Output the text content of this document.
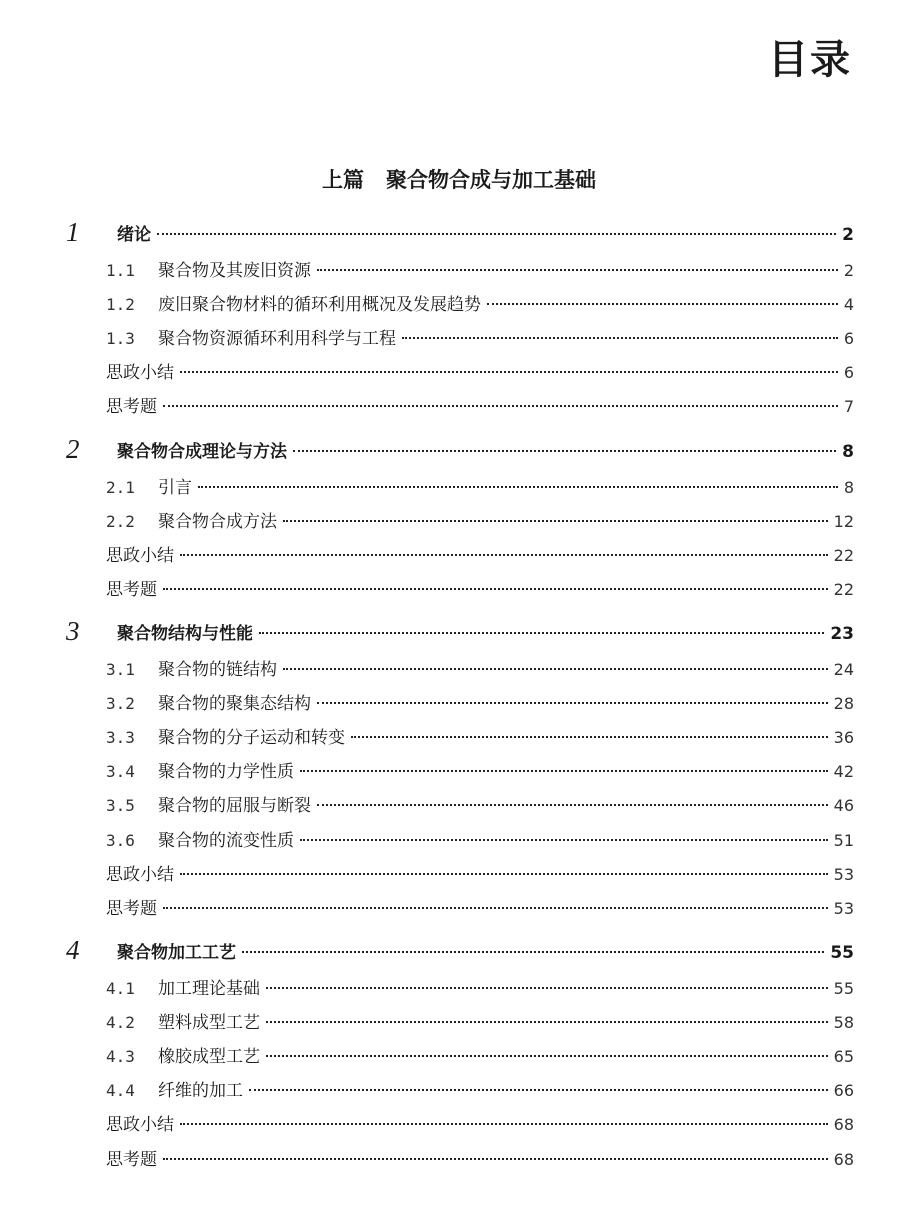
目录
上篇 聚合物合成与加工基础
1 绪论	2
1.1	聚合物及其废旧资源	2
1.2	废旧聚合物材料的循环利用概况及发展趋势	4
1.3	聚合物资源循环利用科学与工程	6
思政小结	6
思考题	7
2 聚合物合成理论与方法	8
2.1	引言	8
2.2	聚合物合成方法	12
思政小结	22
思考题	22
3 聚合物结构与性能	23
3.1	聚合物的链结构	24
3.2	聚合物的聚集态结构	28
3.3	聚合物的分子运动和转变	36
3.4	聚合物的力学性质	42
3.5	聚合物的屈服与断裂	46
3.6	聚合物的流变性质	51
思政小结	53
思考题	53
4 聚合物加工工艺	55
4.1	加工理论基础	55
4.2	塑料成型工艺	58
4.3	橡胶成型工艺	65
4.4	纤维的加工	66
思政小结	68
思考题	68
